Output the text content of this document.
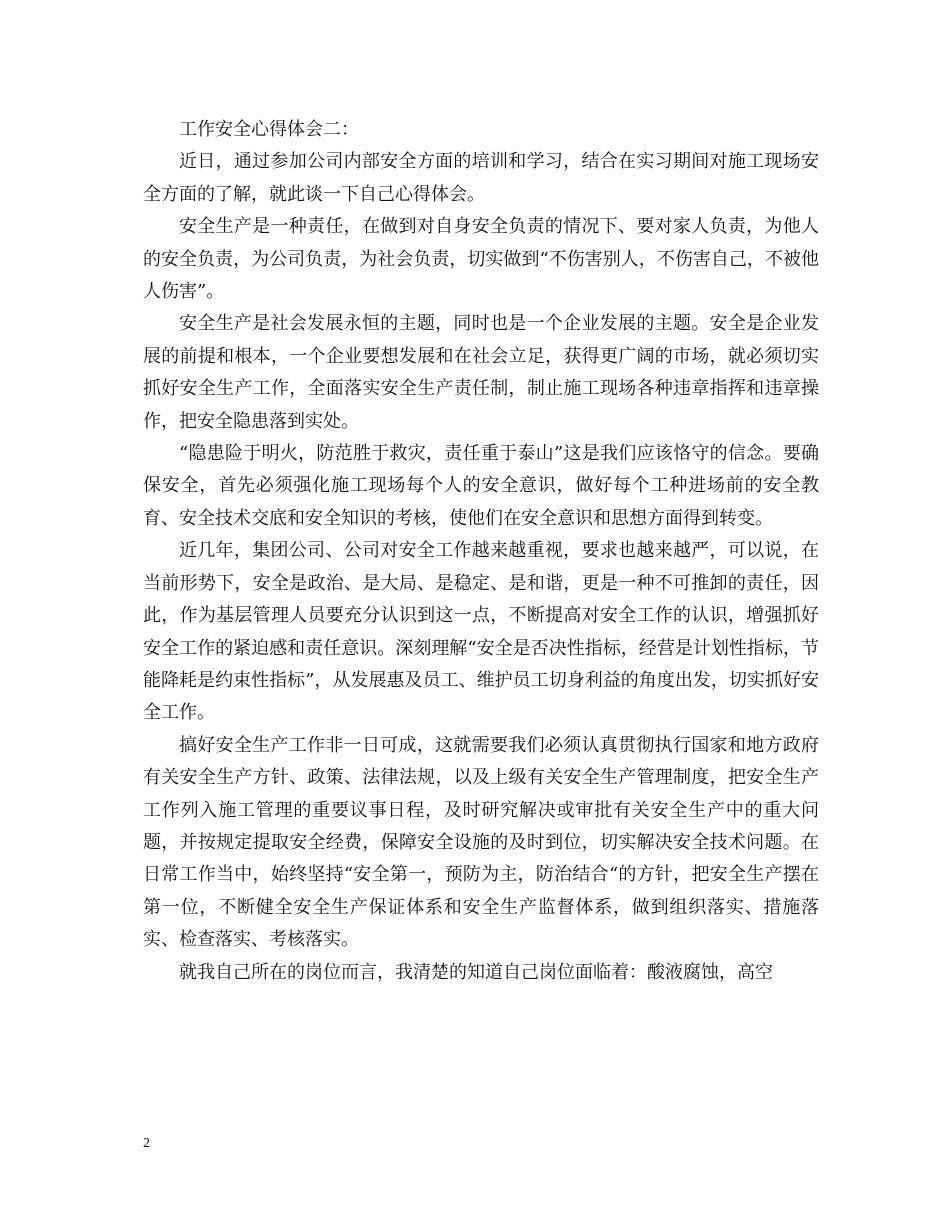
工作安全心得体会二：

近日，通过参加公司内部安全方面的培训和学习，结合在实习期间对施工现场安全方面的了解，就此谈一下自己心得体会。

安全生产是一种责任，在做到对自身安全负责的情况下、要对家人负责，为他人的安全负责，为公司负责，为社会负责，切实做到“不伤害别人，不伤害自己，不被他人伤害”。

安全生产是社会发展永恒的主题，同时也是一个企业发展的主题。安全是企业发展的前提和根本，一个企业要想发展和在社会立足，获得更广阔的市场，就必须切实抓好安全生产工作，全面落实安全生产责任制，制止施工现场各种违章指挥和违章操作，把安全隐患落到实处。

“隐患险于明火，防范胜于救灾，责任重于泰山”这是我们应该恪守的信念。要确保安全，首先必须强化施工现场每个人的安全意识，做好每个工种进场前的安全教育、安全技术交底和安全知识的考核，使他们在安全意识和思想方面得到转变。

近几年，集团公司、公司对安全工作越来越重视，要求也越来越严，可以说，在当前形势下，安全是政治、是大局、是稳定、是和谐，更是一种不可推卸的责任，因此，作为基层管理人员要充分认识到这一点，不断提高对安全工作的认识，增强抓好安全工作的紧迫感和责任意识。深刻理解“安全是否决性指标，经营是计划性指标，节能降耗是约束性指标”，从发展惠及员工、维护员工切身利益的角度出发，切实抓好安全工作。

搞好安全生产工作非一日可成，这就需要我们必须认真贯彻执行国家和地方政府有关安全生产方针、政策、法律法规，以及上级有关安全生产管理制度，把安全生产工作列入施工管理的重要议事日程，及时研究解决或审批有关安全生产中的重大问题，并按规定提取安全经费，保障安全设施的及时到位，切实解决安全技术问题。在日常工作当中，始终坚持“安全第一，预防为主，防治结合“的方针，把安全生产摆在第一位，不断健全安全生产保证体系和安全生产监督体系，做到组织落实、措施落实、检查落实、考核落实。

就我自己所在的岗位而言，我清楚的知道自己岗位面临着：酸液腐蚀，高空

2
